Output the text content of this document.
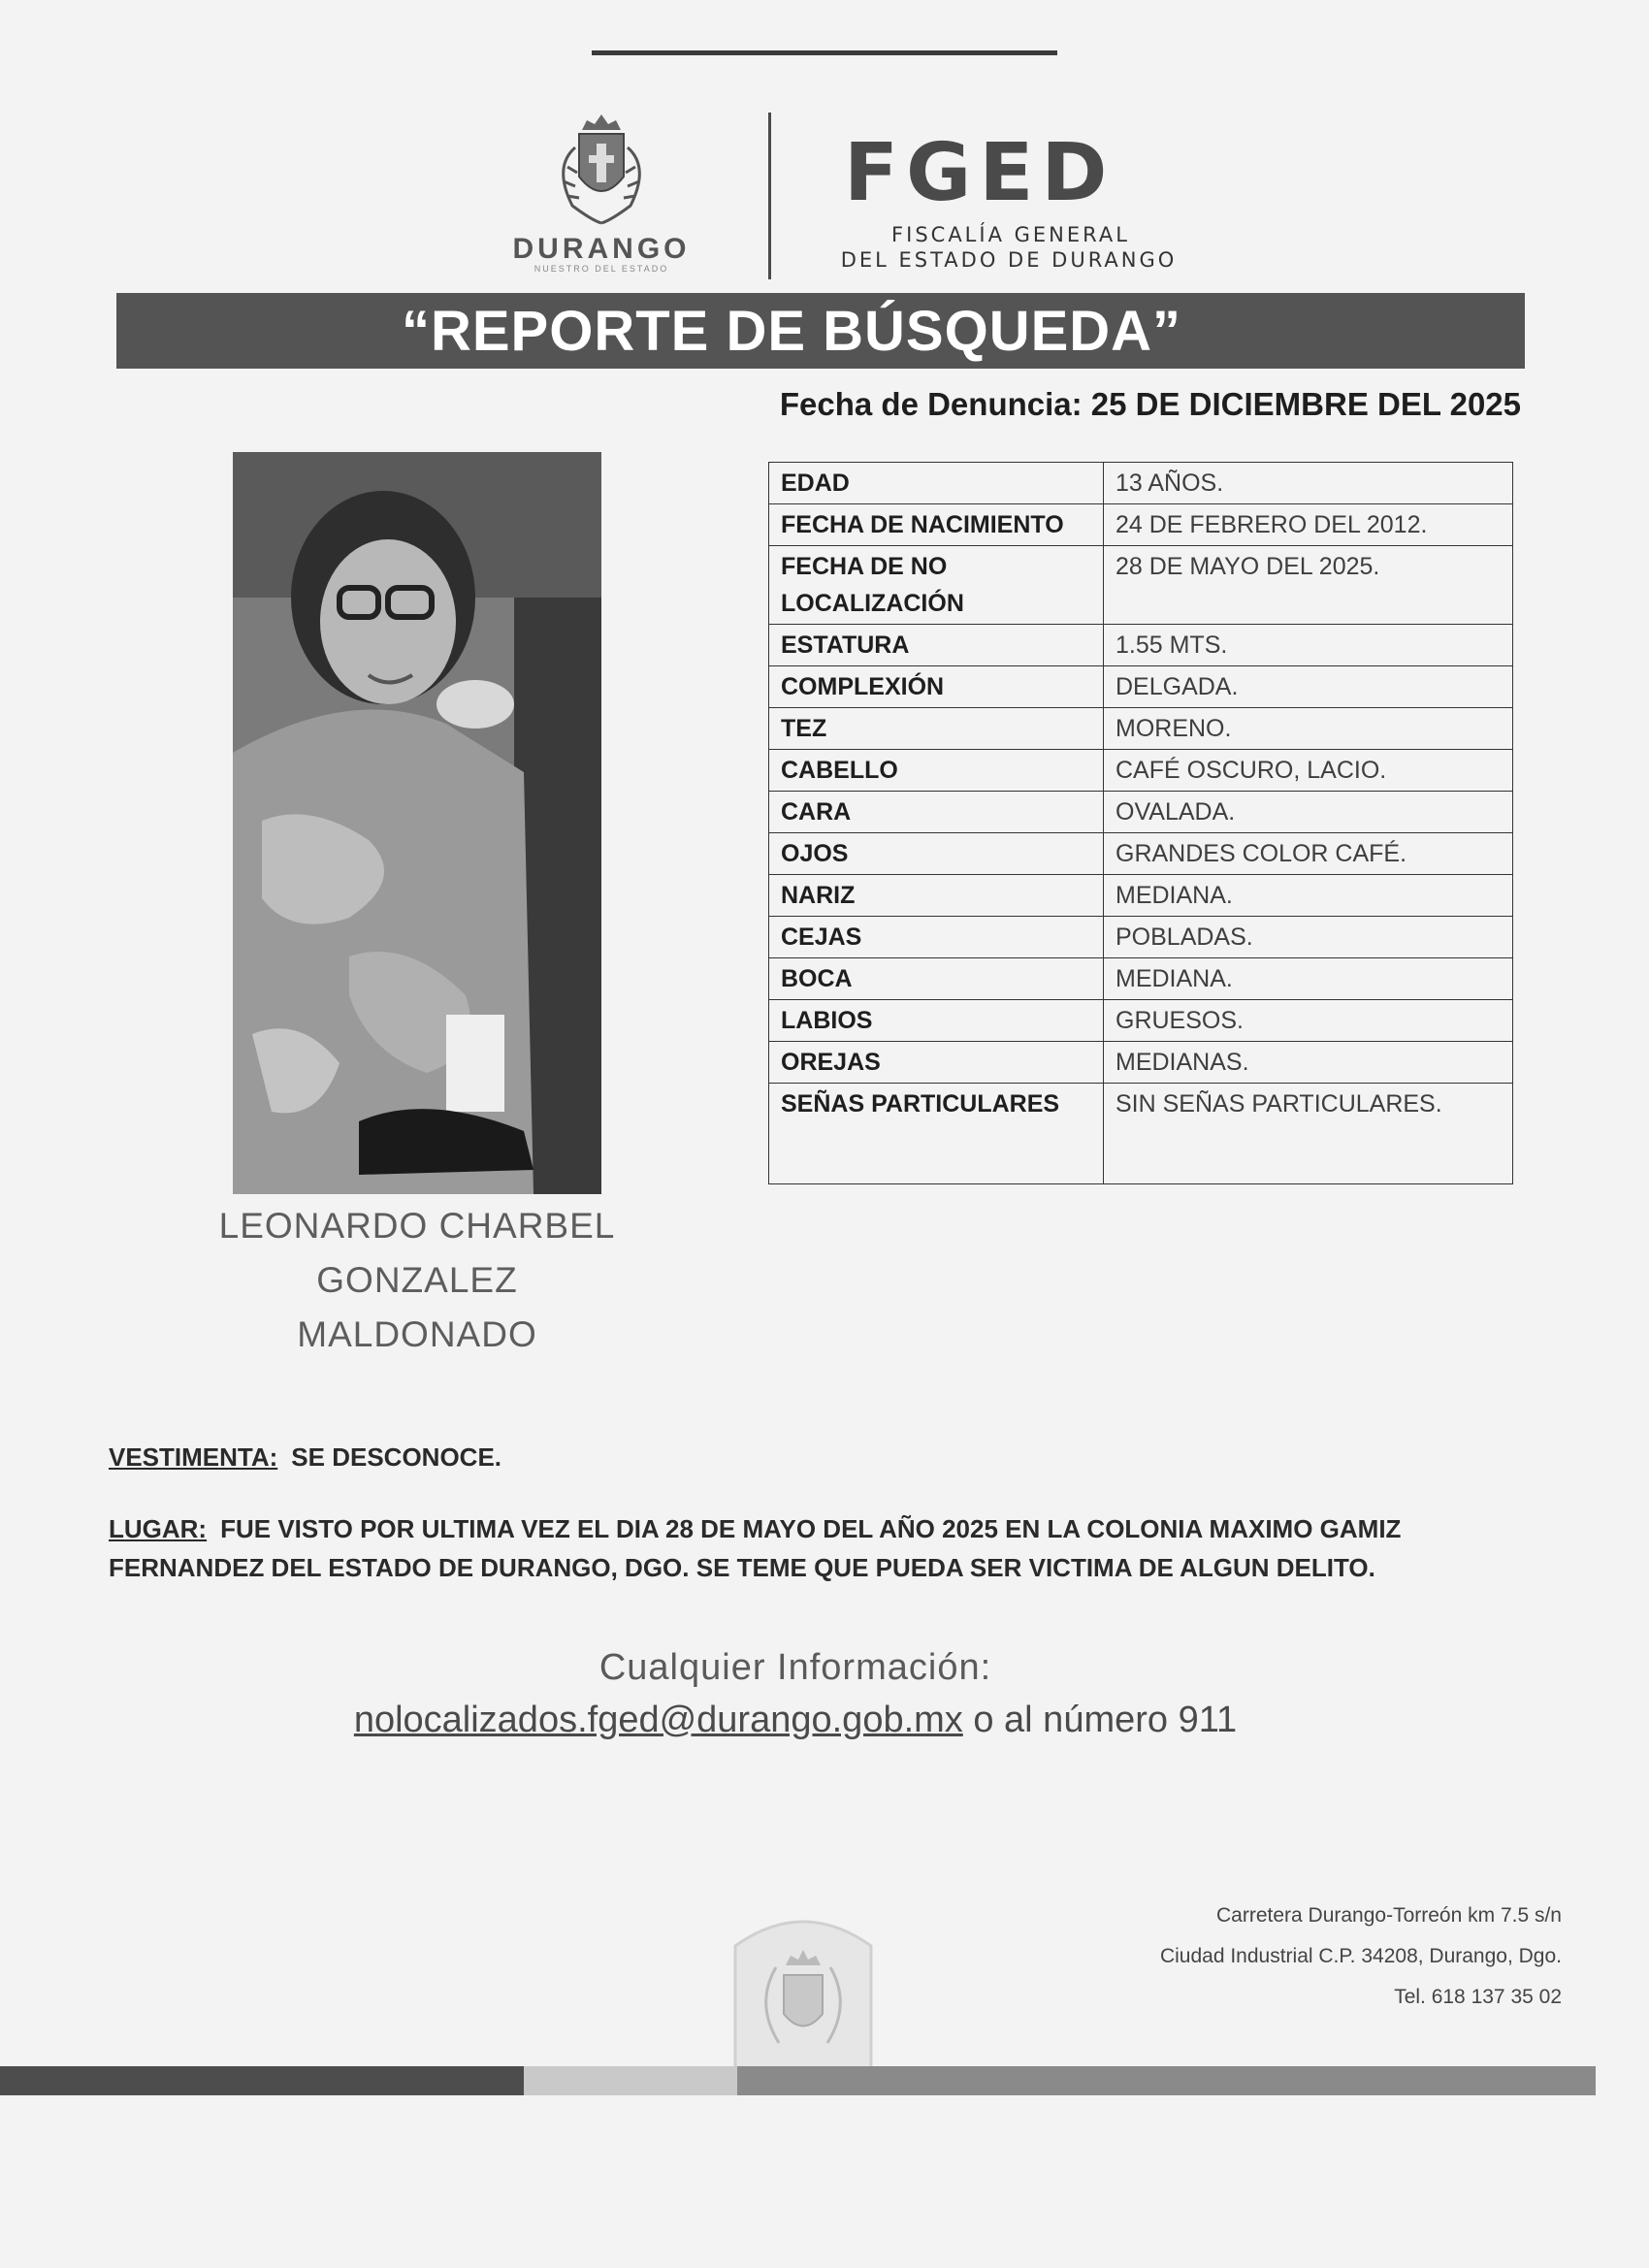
DURANGO
NUESTRO DEL ESTADO
FGED
FISCALÍA GENERAL
DEL ESTADO DE DURANGO
“REPORTE DE BÚSQUEDA”
Fecha de Denuncia: 25 DE DICIEMBRE DEL 2025
LEONARDO CHARBEL
GONZALEZ
MALDONADO
EDAD	13 AÑOS.
FECHA DE NACIMIENTO	24 DE FEBRERO DEL 2012.
FECHA DE NO LOCALIZACIÓN	28 DE MAYO DEL 2025.
ESTATURA	1.55 MTS.
COMPLEXIÓN	DELGADA.
TEZ	MORENO.
CABELLO	CAFÉ OSCURO, LACIO.
CARA	OVALADA.
OJOS	GRANDES COLOR CAFÉ.
NARIZ	MEDIANA.
CEJAS	POBLADAS.
BOCA	MEDIANA.
LABIOS	GRUESOS.
OREJAS	MEDIANAS.
SEÑAS PARTICULARES	SIN SEÑAS PARTICULARES.
VESTIMENTA: SE DESCONOCE.
LUGAR: FUE VISTO POR ULTIMA VEZ EL DIA 28 DE MAYO DEL AÑO 2025 EN LA COLONIA MAXIMO GAMIZ FERNANDEZ DEL ESTADO DE DURANGO, DGO. SE TEME QUE PUEDA SER VICTIMA DE ALGUN DELITO.
Cualquier Información:
nolocalizados.fged@durango.gob.mx o al número 911
Carretera Durango-Torreón km 7.5 s/n
Ciudad Industrial C.P. 34208, Durango, Dgo.
Tel. 618 137 35 02
